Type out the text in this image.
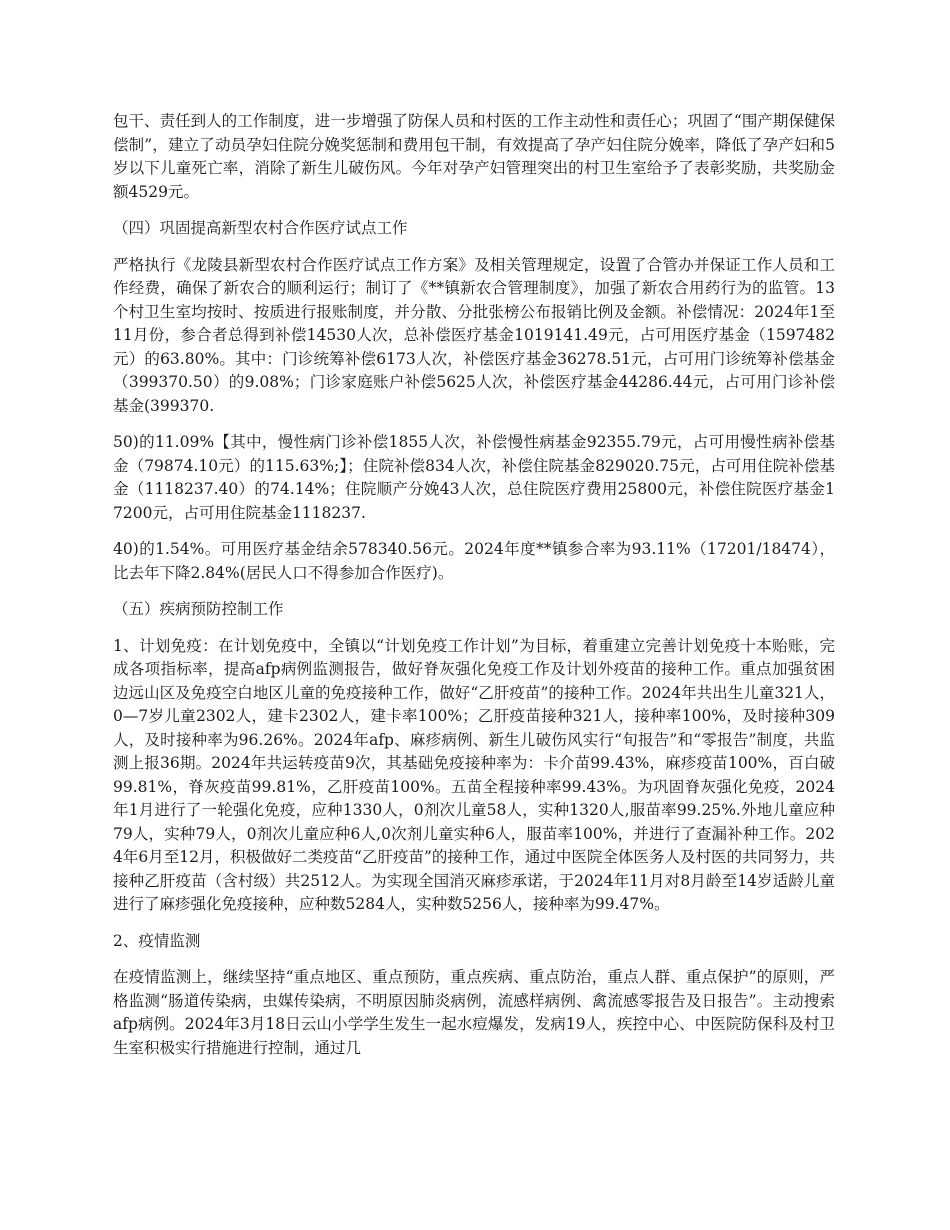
包干、责任到人的工作制度，进一步增强了防保人员和村医的工作主动性和责任心；巩固了“围产期保健保偿制”，建立了动员孕妇住院分娩奖惩制和费用包干制，有效提高了孕产妇住院分娩率，降低了孕产妇和5岁以下儿童死亡率，消除了新生儿破伤风。今年对孕产妇管理突出的村卫生室给予了表彰奖励，共奖励金额4529元。

（四）巩固提高新型农村合作医疗试点工作

严格执行《龙陵县新型农村合作医疗试点工作方案》及相关管理规定，设置了合管办并保证工作人员和工作经费，确保了新农合的顺利运行；制订了《**镇新农合管理制度》，加强了新农合用药行为的监管。13个村卫生室均按时、按质进行报账制度，并分散、分批张榜公布报销比例及金额。补偿情况：2024年1至11月份，参合者总得到补偿14530人次，总补偿医疗基金1019141.49元，占可用医疗基金（1597482元）的63.80%。其中：门诊统筹补偿6173人次，补偿医疗基金36278.51元，占可用门诊统筹补偿基金（399370.50）的9.08%；门诊家庭账户补偿5625人次，补偿医疗基金44286.44元，占可用门诊补偿基金(399370.

50)的11.09%【其中，慢性病门诊补偿1855人次，补偿慢性病基金92355.79元，占可用慢性病补偿基金（79874.10元）的115.63%;】；住院补偿834人次，补偿住院基金829020.75元，占可用住院补偿基金（1118237.40）的74.14%；住院顺产分娩43人次，总住院医疗费用25800元，补偿住院医疗基金17200元，占可用住院基金1118237.

40)的1.54%。可用医疗基金结余578340.56元。2024年度**镇参合率为93.11%（17201/18474），比去年下降2.84%(居民人口不得参加合作医疗)。

（五）疾病预防控制工作

1、计划免疫：在计划免疫中，全镇以“计划免疫工作计划”为目标，着重建立完善计划免疫十本贻账，完成各项指标率，提高afp病例监测报告，做好脊灰强化免疫工作及计划外疫苗的接种工作。重点加强贫困边远山区及免疫空白地区儿童的免疫接种工作，做好“乙肝疫苗”的接种工作。2024年共出生儿童321人，0—7岁儿童2302人，建卡2302人，建卡率100%；乙肝疫苗接种321人，接种率100%，及时接种309人，及时接种率为96.26%。2024年afp、麻疹病例、新生儿破伤风实行“旬报告”和“零报告”制度，共监测上报36期。2024年共运转疫苗9次，其基础免疫接种率为：卡介苗99.43%，麻疹疫苗100%，百白破99.81%，脊灰疫苗99.81%，乙肝疫苗100%。五苗全程接种率99.43%。为巩固脊灰强化免疫，2024年1月进行了一轮强化免疫，应种1330人，0剂次儿童58人，实种1320人,服苗率99.25%.外地儿童应种79人，实种79人，0剂次儿童应种6人,0次剂儿童实种6人，服苗率100%，并进行了查漏补种工作。2024年6月至12月，积极做好二类疫苗“乙肝疫苗”的接种工作，通过中医院全体医务人及村医的共同努力，共接种乙肝疫苗（含村级）共2512人。为实现全国消灭麻疹承诺，于2024年11月对8月龄至14岁适龄儿童进行了麻疹强化免疫接种，应种数5284人，实种数5256人，接种率为99.47%。

2、疫情监测

在疫情监测上，继续坚持“重点地区、重点预防，重点疾病、重点防治，重点人群、重点保护”的原则，严格监测“肠道传染病，虫媒传染病，不明原因肺炎病例，流感样病例、禽流感零报告及日报告”。主动搜索afp病例。2024年3月18日云山小学学生发生一起水痘爆发，发病19人，疾控中心、中医院防保科及村卫生室积极实行措施进行控制，通过几
